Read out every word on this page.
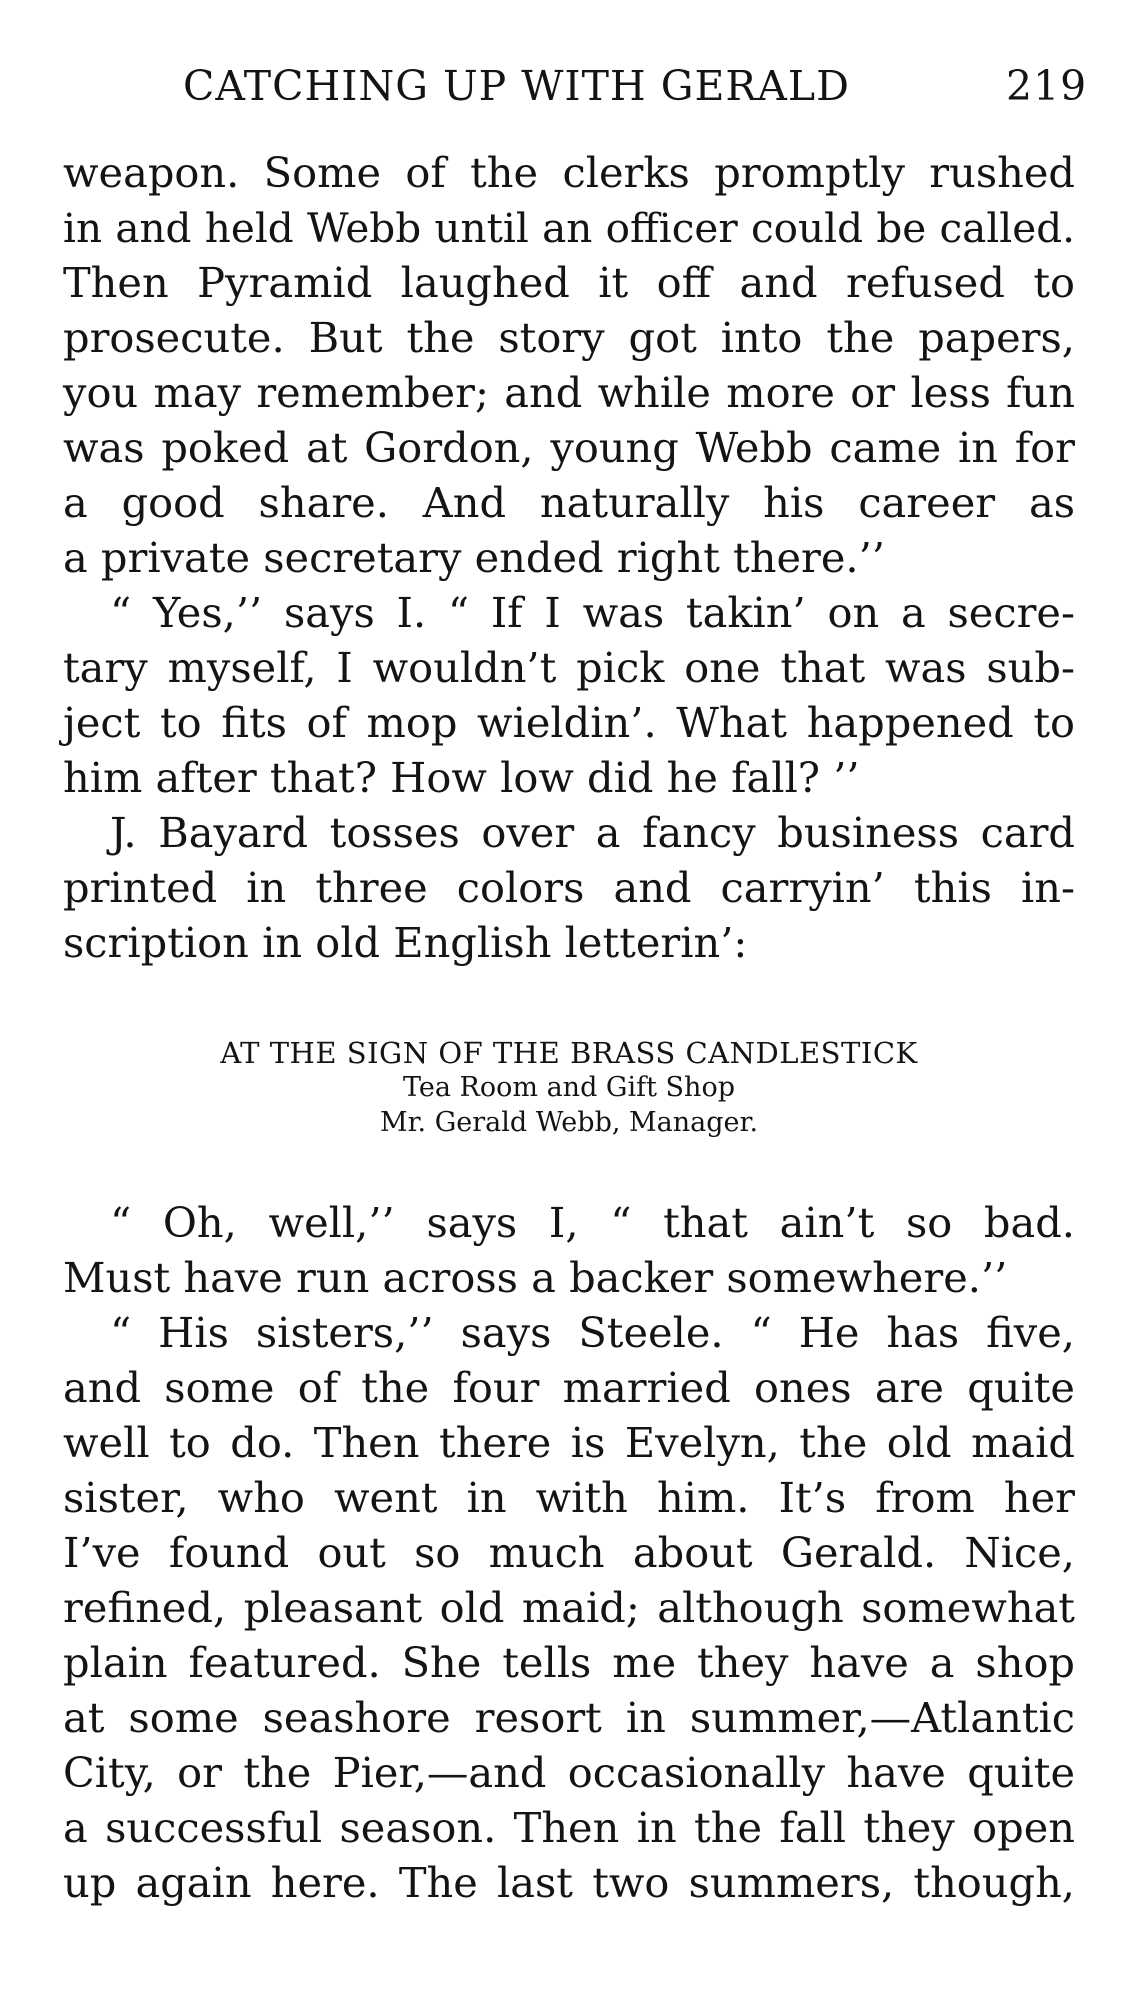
CATCHING UP WITH GERALD	219
weapon. Some of the clerks promptly rushed
in and held Webb until an officer could be called.
Then Pyramid laughed it off and refused to
prosecute. But the story got into the papers,
you may remember; and while more or less fun
was poked at Gordon, young Webb came in for
a good share. And naturally his career as
a private secretary ended right there.’’
“ Yes,’’ says I. “ If I was takin’ on a secre-
tary myself, I wouldn’t pick one that was sub-
ject to fits of mop wieldin’. What happened to
him after that? How low did he fall? ’’
J. Bayard tosses over a fancy business card
printed in three colors and carryin’ this in-
scription in old English letterin’:
AT THE SIGN OF THE BRASS CANDLESTICK
Tea Room and Gift Shop
Mr. Gerald Webb, Manager.
“ Oh, well,’’ says I, “ that ain’t so bad.
Must have run across a backer somewhere.’’
“ His sisters,’’ says Steele. “ He has five,
and some of the four married ones are quite
well to do. Then there is Evelyn, the old maid
sister, who went in with him. It’s from her
I’ve found out so much about Gerald. Nice,
refined, pleasant old maid; although somewhat
plain featured. She tells me they have a shop
at some seashore resort in summer,—Atlantic
City, or the Pier,—and occasionally have quite
a successful season. Then in the fall they open
up again here. The last two summers, though,
